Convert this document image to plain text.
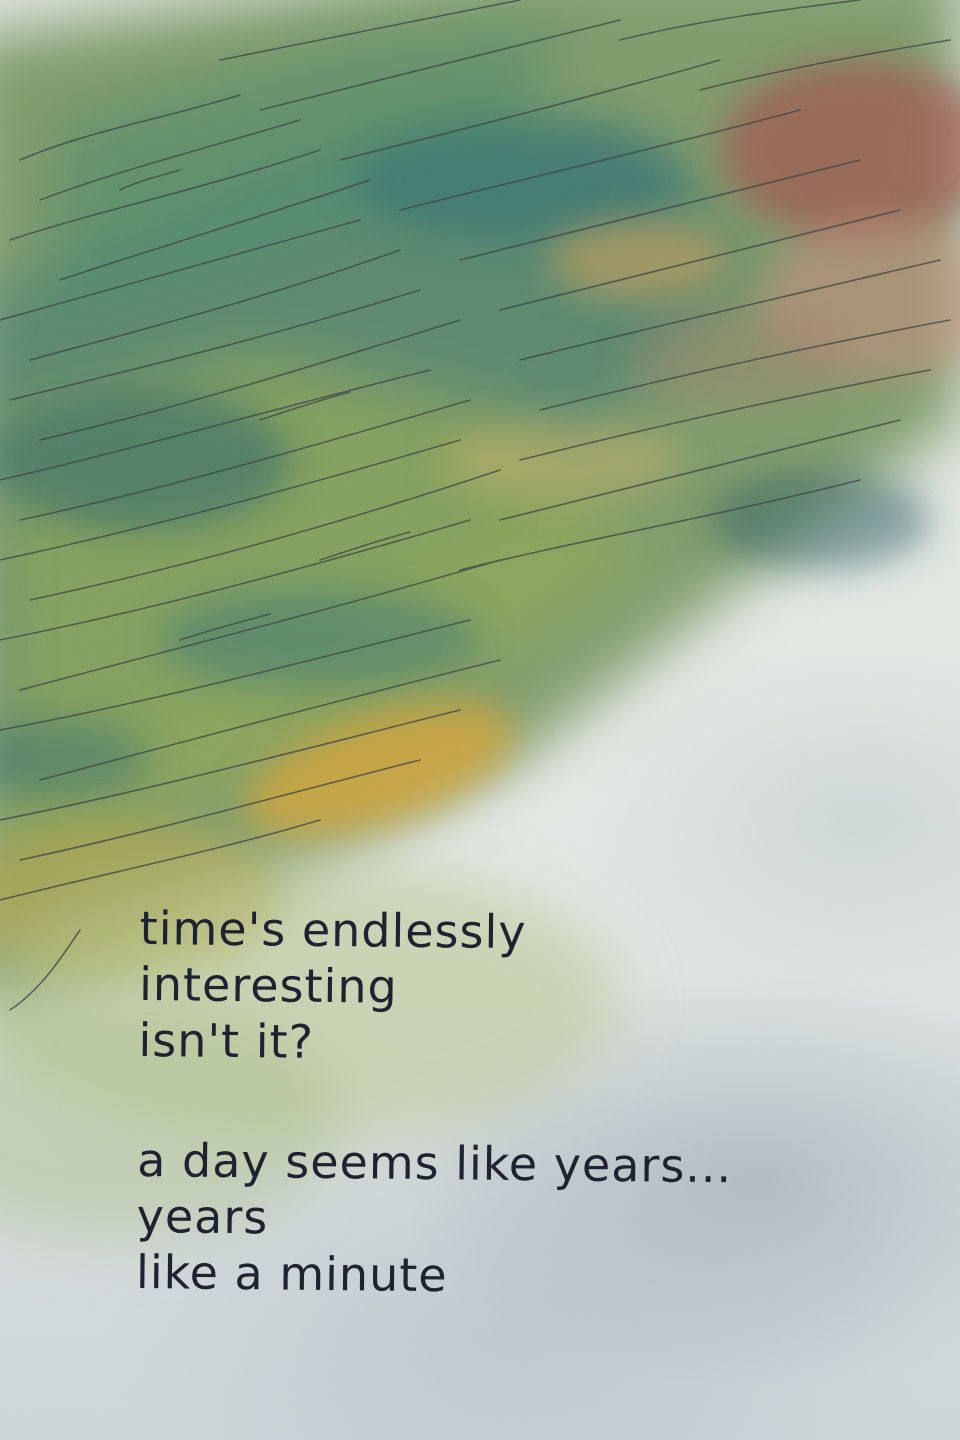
time's endlessly
interesting
isn't it?
a day seems like years...
years
like a minute
